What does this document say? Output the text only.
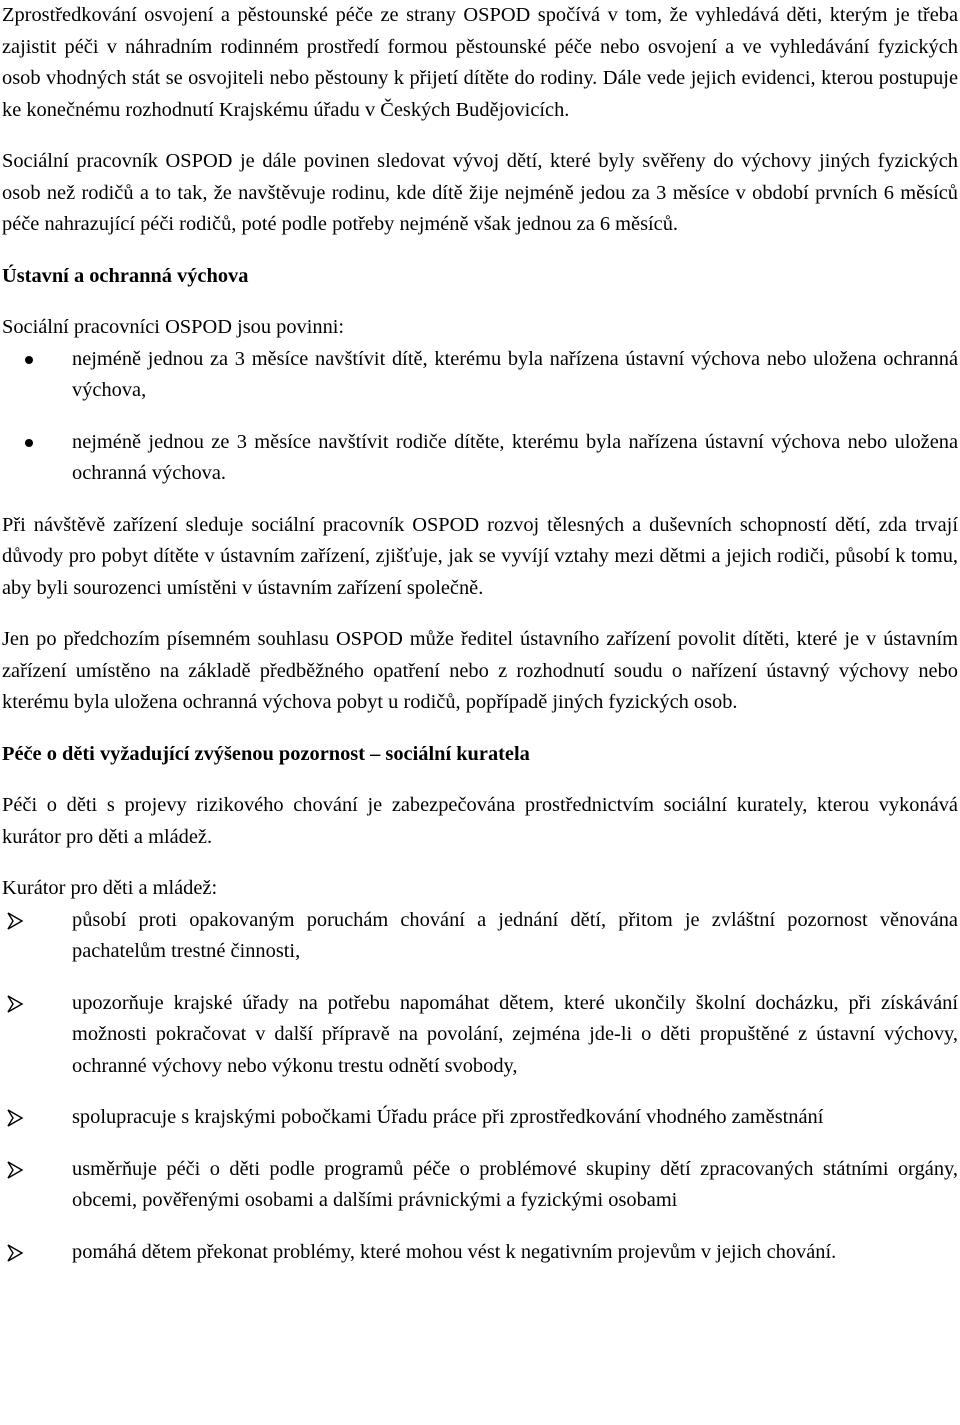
Zprostředkování osvojení a pěstounské péče ze strany OSPOD spočívá v tom, že vyhledává děti, kterým je třeba zajistit péči v náhradním rodinném prostředí formou pěstounské péče nebo osvojení a ve vyhledávání fyzických osob vhodných stát se osvojiteli nebo pěstouny k přijetí dítěte do rodiny. Dále vede jejich evidenci, kterou postupuje ke konečnému rozhodnutí Krajskému úřadu v Českých Budějovicích.

Sociální pracovník OSPOD je dále povinen sledovat vývoj dětí, které byly svěřeny do výchovy jiných fyzických osob než rodičů a to tak, že navštěvuje rodinu, kde dítě žije nejméně jedou za 3 měsíce v období prvních 6 měsíců péče nahrazující péči rodičů, poté podle potřeby nejméně však jednou za 6 měsíců.

Ústavní a ochranná výchova

Sociální pracovníci OSPOD jsou povinni:

nejméně jednou za 3 měsíce navštívit dítě, kterému byla nařízena ústavní výchova nebo uložena ochranná výchova,
nejméně jednou ze 3 měsíce navštívit rodiče dítěte, kterému byla nařízena ústavní výchova nebo uložena ochranná výchova.

Při návštěvě zařízení sleduje sociální pracovník OSPOD rozvoj tělesných a duševních schopností dětí, zda trvají důvody pro pobyt dítěte v ústavním zařízení, zjišťuje, jak se vyvíjí vztahy mezi dětmi a jejich rodiči, působí k tomu, aby byli sourozenci umístěni v ústavním zařízení společně.

Jen po předchozím písemném souhlasu OSPOD může ředitel ústavního zařízení povolit dítěti, které je v ústavním zařízení umístěno na základě předběžného opatření nebo z rozhodnutí soudu o nařízení ústavný výchovy nebo kterému byla uložena ochranná výchova pobyt u rodičů, popřípadě jiných fyzických osob.

Péče o děti vyžadující zvýšenou pozornost – sociální kuratela

Péči o děti s projevy rizikového chování je zabezpečována prostřednictvím sociální kurately, kterou vykonává kurátor pro děti a mládež.

Kurátor pro děti a mládež:

působí proti opakovaným poruchám chování a jednání dětí, přitom je zvláštní pozornost věnována pachatelům trestné činnosti,
upozorňuje krajské úřady na potřebu napomáhat dětem, které ukončily školní docházku, při získávání možnosti pokračovat v další přípravě na povolání, zejména jde-li o děti propuštěné z ústavní výchovy, ochranné výchovy nebo výkonu trestu odnětí svobody,
spolupracuje s krajskými pobočkami Úřadu práce při zprostředkování vhodného zaměstnání
usměrňuje péči o děti podle programů péče o problémové skupiny dětí zpracovaných státními orgány, obcemi, pověřenými osobami a dalšími právnickými a fyzickými osobami
pomáhá dětem překonat problémy, které mohou vést k negativním projevům v jejich chování.
